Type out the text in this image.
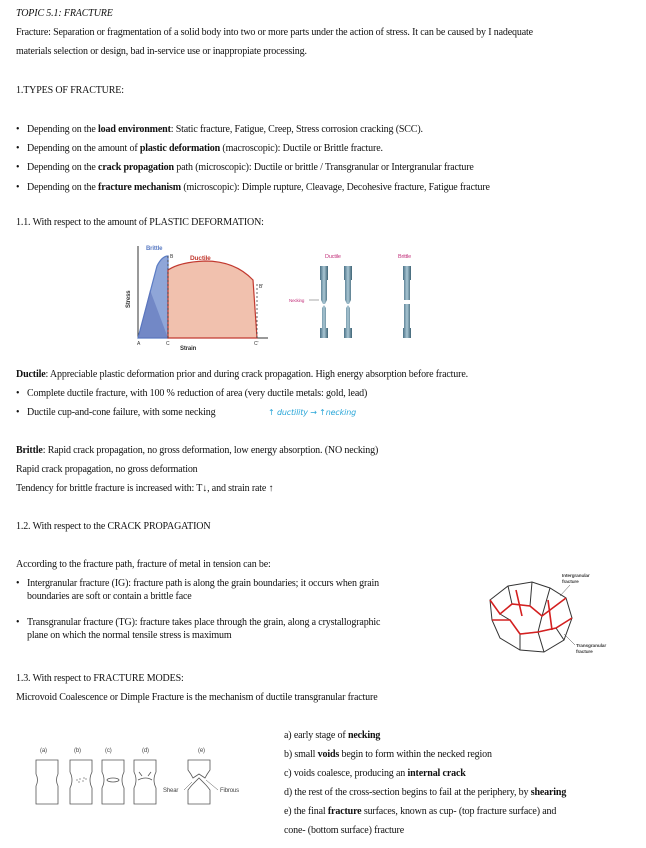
TOPIC 5.1: FRACTURE
Fracture: Separation or fragmentation of a solid body into two or more parts under the action of stress. It can be caused by I nadequate
materials selection or design, bad in-service use or inappropiate processing.
1.TYPES OF FRACTURE:
• Depending on the load environment: Static fracture, Fatigue, Creep, Stress corrosion cracking (SCC).
• Depending on the amount of plastic deformation (macroscopic): Ductile or Brittle fracture.
• Depending on the crack propagation path (microscopic): Ductile or brittle / Transgranular or Intergranular fracture
• Depending on the fracture mechanism (microscopic): Dimple rupture, Cleavage, Decohesive fracture, Fatigue fracture
1.1. With respect to the amount of PLASTIC DEFORMATION:
Brittle
Ductile
Stress
Strain
A
B
B'
C	C'
Ductile	Brittle
Necking
Ductile: Appreciable plastic deformation prior and during crack propagation. High energy absorption before fracture.
• Complete ductile fracture, with 100 % reduction of area (very ductile metals: gold, lead)
• Ductile cup-and-cone failure, with some necking	↑ ductility → ↑necking
Brittle: Rapid crack propagation, no gross deformation, low energy absorption. (NO necking)
Rapid crack propagation, no gross deformation
Tendency for brittle fracture is increased with: T↓, and strain rate ↑
1.2. With respect to the CRACK PROPAGATION
According to the fracture path, fracture of metal in tension can be:
• Intergranular fracture (IG): fracture path is along the grain boundaries; it occurs when grain
boundaries are soft or contain a brittle face
• Transgranular fracture (TG): fracture takes place through the grain, along a crystallographic
plane on which the normal tensile stress is maximum
Intergranular
fracture
Transgranular
fracture
1.3. With respect to FRACTURE MODES:
Microvoid Coalescence or Dimple Fracture is the mechanism of ductile transgranular fracture
(a)	(b)	(c)	(d)	(e)
Shear	Fibrous
a) early stage of necking
b) small voids begin to form within the necked region
c) voids coalesce, producing an internal crack
d) the rest of the cross-section begins to fail at the periphery, by shearing
e) the final fracture surfaces, known as cup- (top fracture surface) and
cone- (bottom surface) fracture
